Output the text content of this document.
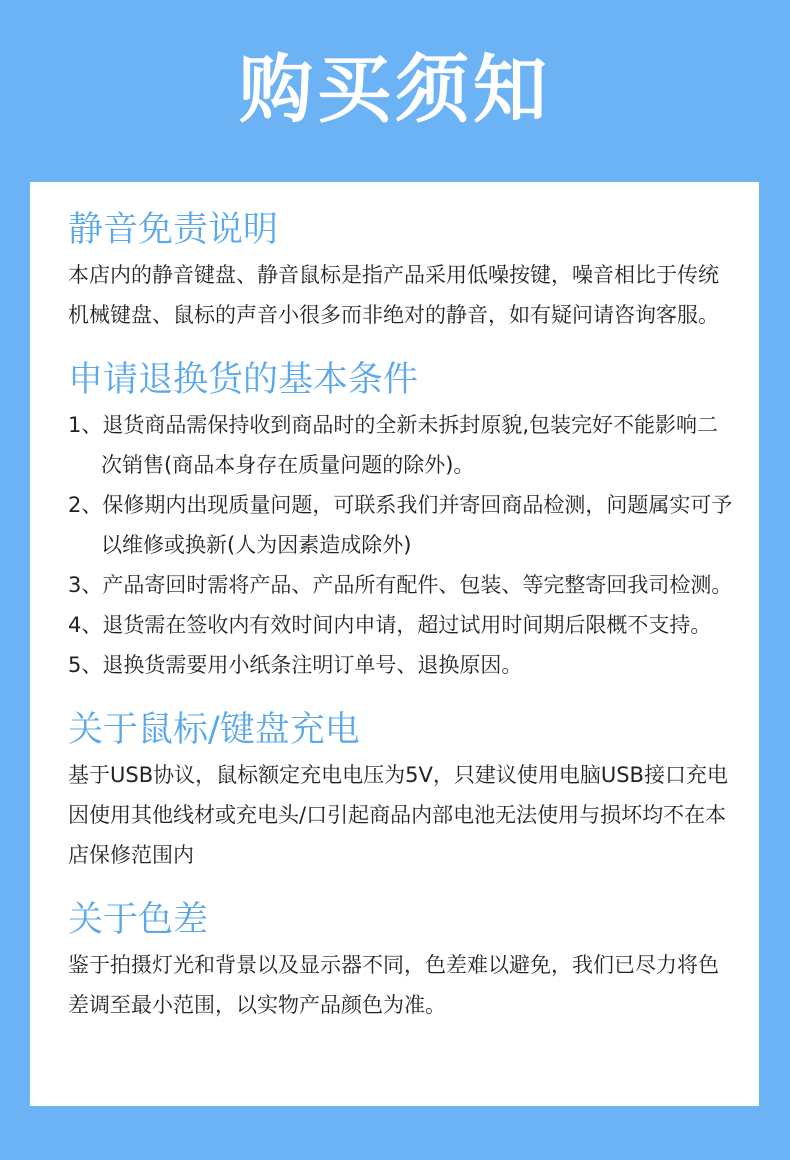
购买须知
静音免责说明

本店内的静音键盘、静音鼠标是指产品采用低噪按键，噪音相比于传统机械键盘、鼠标的声音小很多而非绝对的静音，如有疑问请咨询客服。

申请退换货的基本条件
1、退货商品需保持收到商品时的全新未拆封原貌,包装完好不能影响二次销售(商品本身存在质量问题的除外)。
2、保修期内出现质量问题，可联系我们并寄回商品检测，问题属实可予以维修或换新(人为因素造成除外)
3、产品寄回时需将产品、产品所有配件、包装、等完整寄回我司检测。
4、退货需在签收内有效时间内申请，超过试用时间期后限概不支持。
5、退换货需要用小纸条注明订单号、退换原因。
关于鼠标/键盘充电

基于USB协议，鼠标额定充电电压为5V，只建议使用电脑USB接口充电因使用其他线材或充电头/口引起商品内部电池无法使用与损坏均不在本店保修范围内

关于色差

鉴于拍摄灯光和背景以及显示器不同，色差难以避免，我们已尽力将色差调至最小范围，以实物产品颜色为准。
